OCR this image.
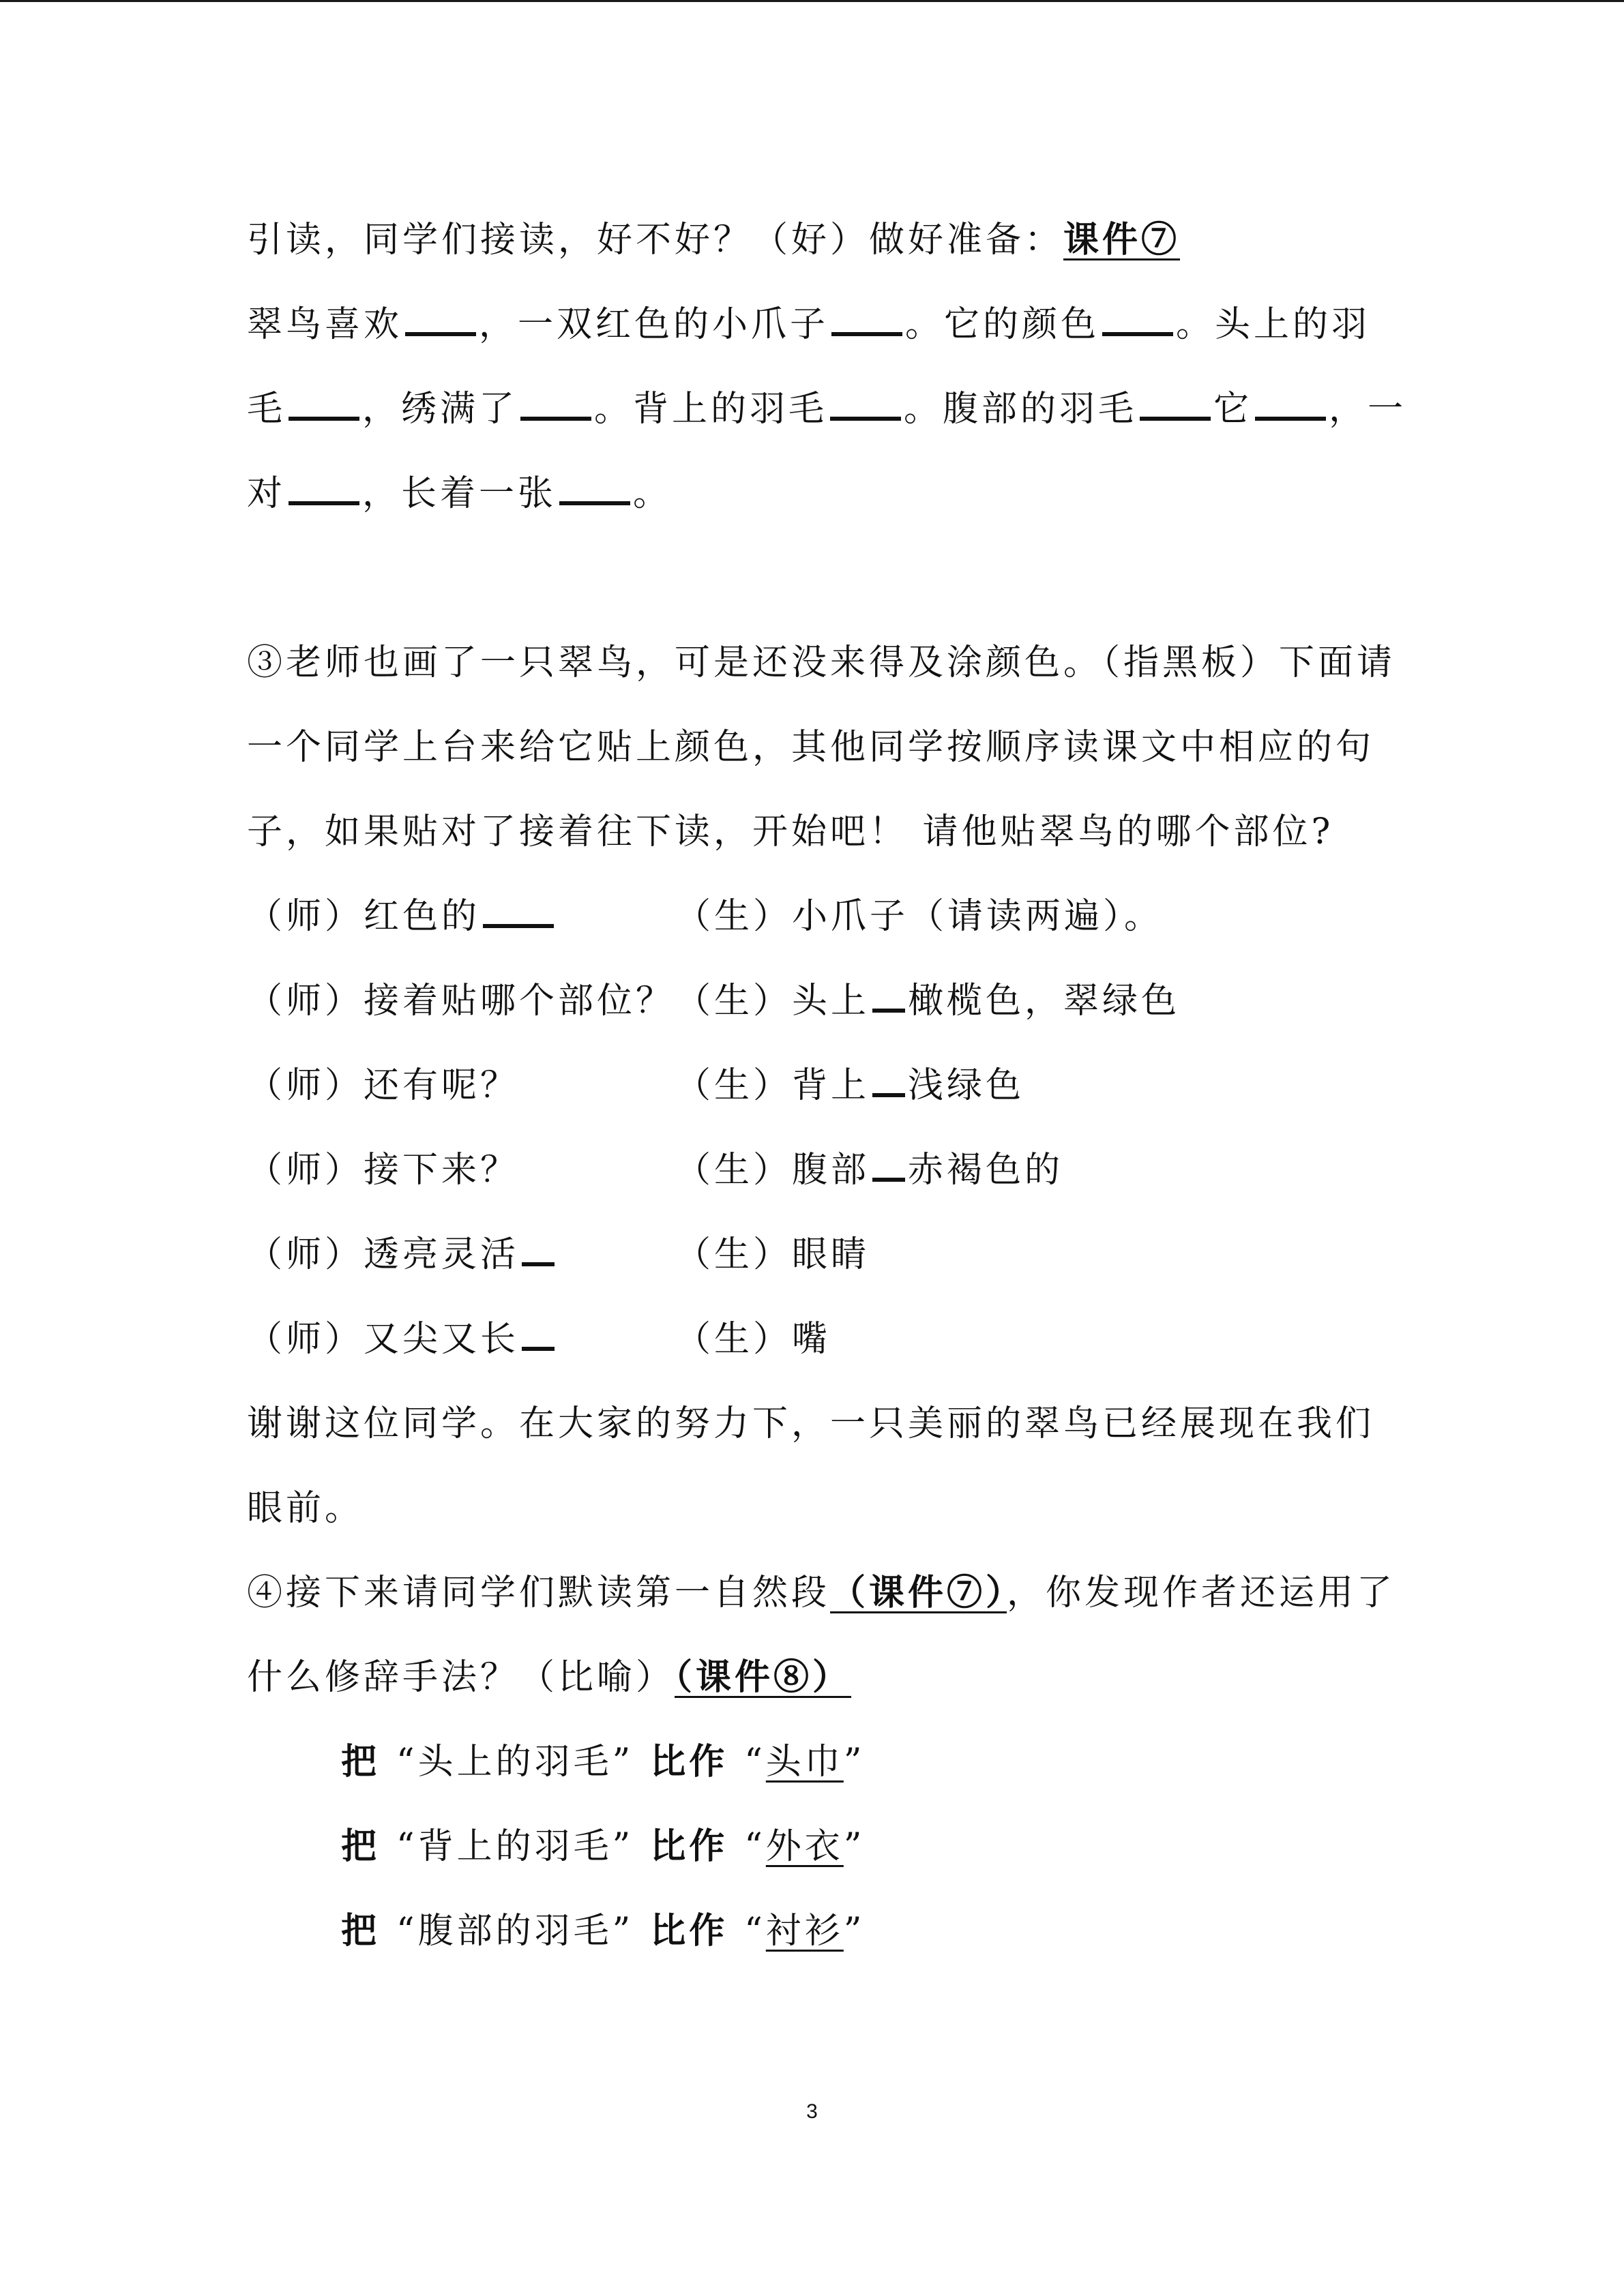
引读，同学们接读，好不好？（好）做好准备：课件⑦
翠鸟喜欢 ，一双红色的小爪子 。它的颜色 。头上的羽
毛 ，绣满了 。背上的羽毛 。腹部的羽毛 它 ，一
对 ，长着一张 。
③老师也画了一只翠鸟，可是还没来得及涂颜色。（指黑板）下面请
一个同学上台来给它贴上颜色，其他同学按顺序读课文中相应的句
子，如果贴对了接着往下读，开始吧！ 请他贴翠鸟的哪个部位?
（师）红色的	（生）小爪子（请读两遍）。
（师）接着贴哪个部位？ （生）头上 橄榄色，翠绿色
（师）还有呢？	（生）背上 浅绿色
（师）接下来？	（生）腹部 赤褐色的
（师）透亮灵活	（生）眼睛
（师）又尖又长	（生）嘴
谢谢这位同学。在大家的努力下，一只美丽的翠鸟已经展现在我们
眼前。
④接下来请同学们默读第一自然段（课件⑦），你发现作者还运用了
什么修辞手法？（比喻）（课件⑧）
把 “头上的羽毛” 比作 “头巾”
把 “背上的羽毛” 比作 “外衣”
把 “腹部的羽毛” 比作 “衬衫”
3
